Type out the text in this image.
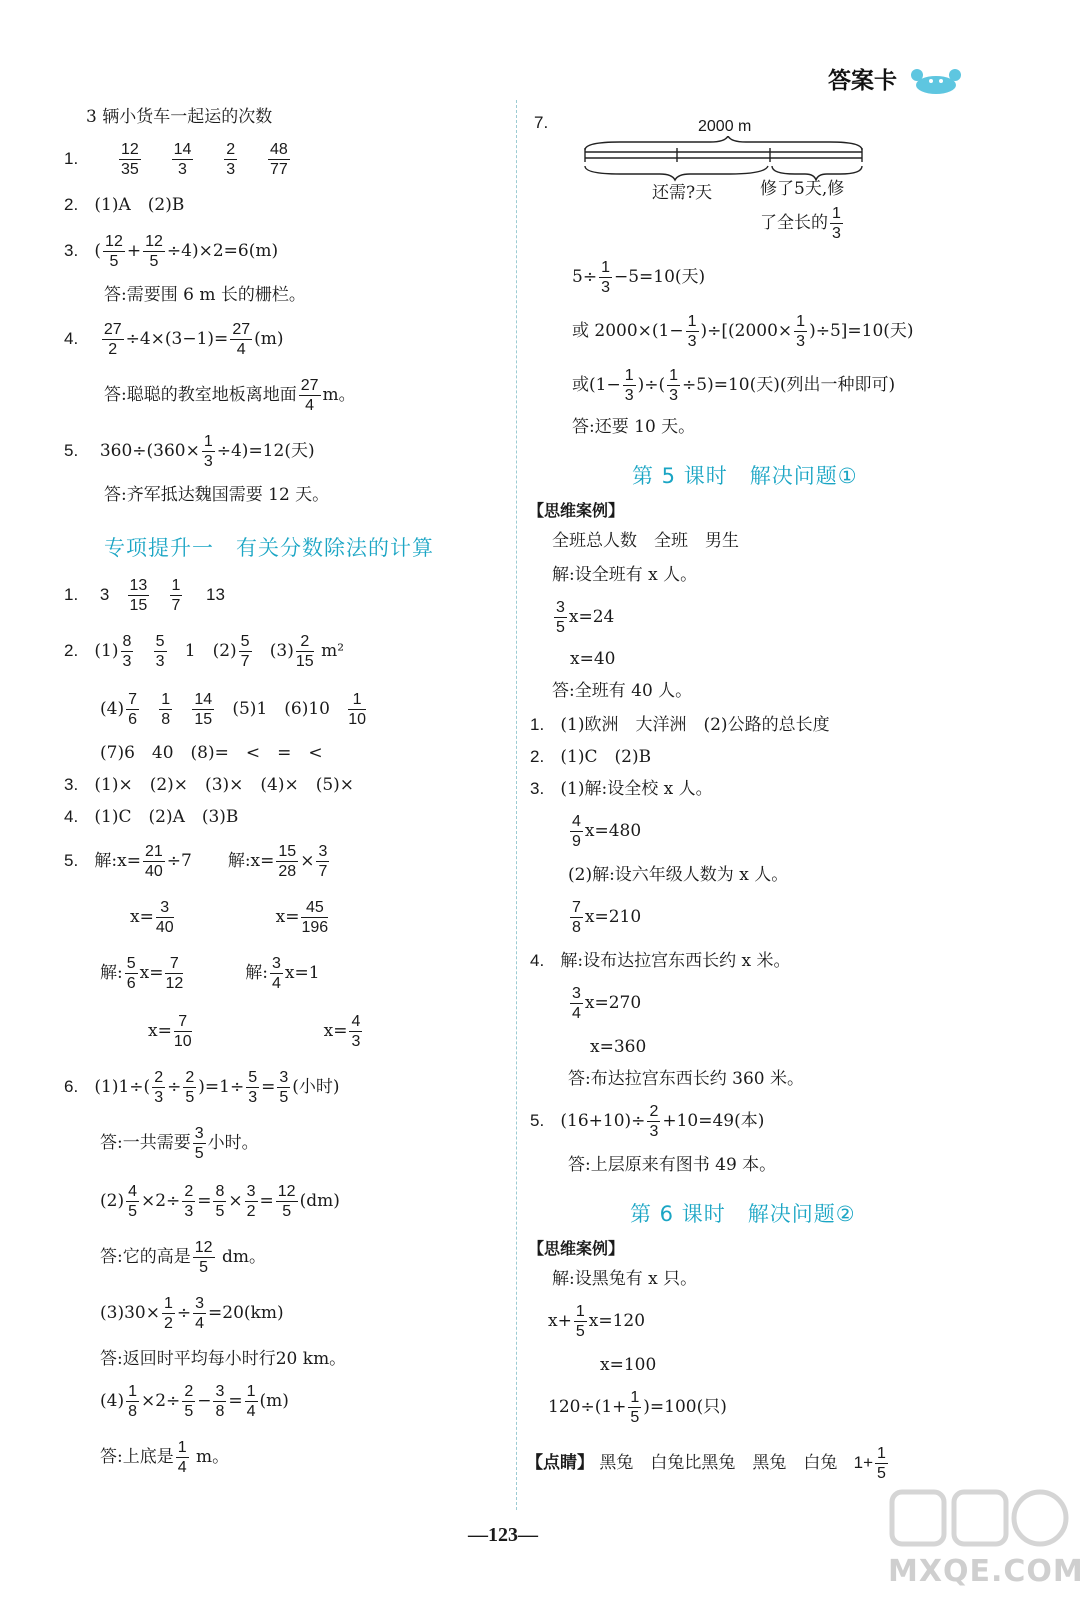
答案卡
3 辆小货车一起运的次数
1.	$\frac{12}{35}$
$\frac{14}{3}$
$\frac{2}{3}$
$\frac{48}{77}$
2. (1)A　(2)B
3. ( $\frac{12}{5} + \frac{12}{5} \div 4)\times 2=6(m)$
答:需要围 6 m 长的栅栏。
4. $\frac{27}{2} \div 4\times(3-1)= \frac{27}{4} (m)$
答:聪聪的教室地板离地面 $\frac{27}{4}$ m。
5. $360\div(360\times \frac{1}{3} \div 4)=12$(天)
答:齐军抵达魏国需要 12 天。
专项提升一　有关分数除法的计算
1. $3 \frac{13}{15}$
$\frac{1}{7} 13$
2. $(1) \frac{8}{3}$
$\frac{5}{3} 1$　$(2) \frac{5}{7} (3) \frac{2}{15} m^2$
$(4) \frac{7}{6}$
$\frac{1}{8}$
$\frac{14}{15} (5)1$　$(6)10 \frac{1}{10}$
(7)6　40　(8)=　<　=　<
3. (1)×　(2)×　(3)×　(4)×　(5)×
4. (1)C　(2)A　(3)B
5. 解:x= $\frac{21}{40} \div 7$ 解:x= $\frac{15}{28} \times \frac{3}{7}$
$x= \frac{3}{40}$	$x= \frac{45}{196}$
解: $\frac{5}{6} x= \frac{7}{12}$	解: $\frac{3}{4} x=1$
$x= \frac{7}{10}$	$x= \frac{4}{3}$
6. $(1)1\div( \frac{2}{3} \div \frac{2}{5} )=1\div \frac{5}{3} = \frac{3}{5}$ (小时)
答:一共需要 $\frac{3}{5}$ 小时。
$(2) \frac{4}{5} \times 2\div \frac{2}{3} = \frac{8}{5} \times \frac{3}{2} = \frac{12}{5} (dm)$
答:它的高是 $\frac{12}{5}$ dm。
$(3)30\times \frac{1}{2} \div \frac{3}{4} =20(km)$
答:返回时平均每小时行20 km。
$(4) \frac{1}{8} \times 2\div \frac{2}{5} - \frac{3}{8} = \frac{1}{4} (m)$
答:上底是 $\frac{1}{4}$ m。
7.	2000 m
还需?天	修了5天,修
了全长的 $\frac{1}{3}$
$5\div \frac{1}{3} -5=10$(天)
或 $2000\times(1- \frac{1}{3} )\div[(2000\times \frac{1}{3} )\div 5]=10$(天)
或($1- \frac{1}{3}$ )÷( $\frac{1}{3} \div 5)=10$(天)(列出一种即可)
答:还要 10 天。
第 5 课时　解决问题①
【思维案例】
全班总人数　全班　男生
解:设全班有 x 人。
$\frac{3}{5} x=24$
x=40
答:全班有 40 人。
1. (1)欧洲　大洋洲　(2)公路的总长度
2. (1)C　(2)B
3. (1)解:设全校 x 人。
$\frac{4}{9} x=480$
(2)解:设六年级人数为 x 人。
$\frac{7}{8} x=210$
4. 解:设布达拉宫东西长约 x 米。
$\frac{3}{4} x=270$
x=360
答:布达拉宫东西长约 360 米。
5. $(16+10)\div \frac{2}{3} +10=49$(本)
答:上层原来有图书 49 本。
第 6 课时　解决问题②
【思维案例】
解:设黑兔有 x 只。
$x+ \frac{1}{5} x=120$
x=100
$120\div(1+ \frac{1}{5} )=100$(只)
【点睛】 黑兔　白兔比黑兔　黑兔　白兔 $1+ \frac{1}{5}$
—123—
MXQE.COM
